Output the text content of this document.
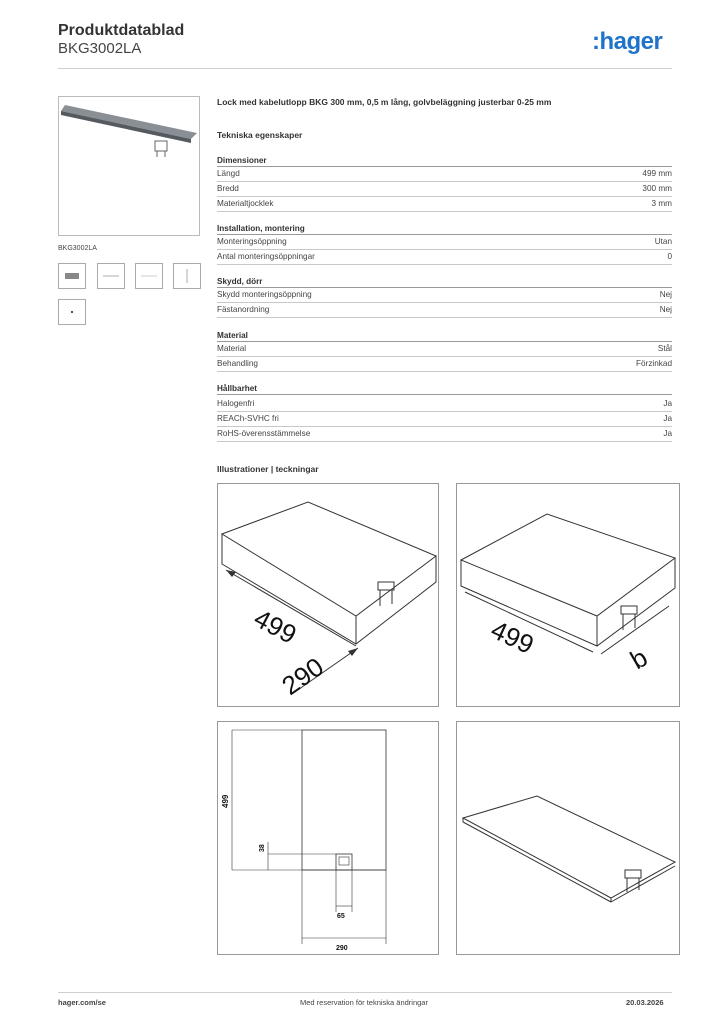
Produktdatablad
BKG3002LA	:hager
BKG3002LA
Lock med kabelutlopp BKG 300 mm, 0,5 m lång, golvbeläggning justerbar 0-25 mm
Tekniska egenskaper
Dimensioner
Längd	499 mm
Bredd	300 mm
Materialtjocklek	3 mm
Installation, montering
Monteringsöppning	Utan
Antal monteringsöppningar	0
Skydd, dörr
Skydd monteringsöppning	Nej
Fästanordning	Nej
Material
Material	Stål
Behandling	Förzinkad
Hållbarhet
Halogenfri	Ja
REACh-SVHC fri	Ja
RoHS-överensstämmelse	Ja
Illustrationer | teckningar
499
290
499	b
499
38
65
290
hager.com/se	Med reservation för tekniska ändringar	20.03.2026
